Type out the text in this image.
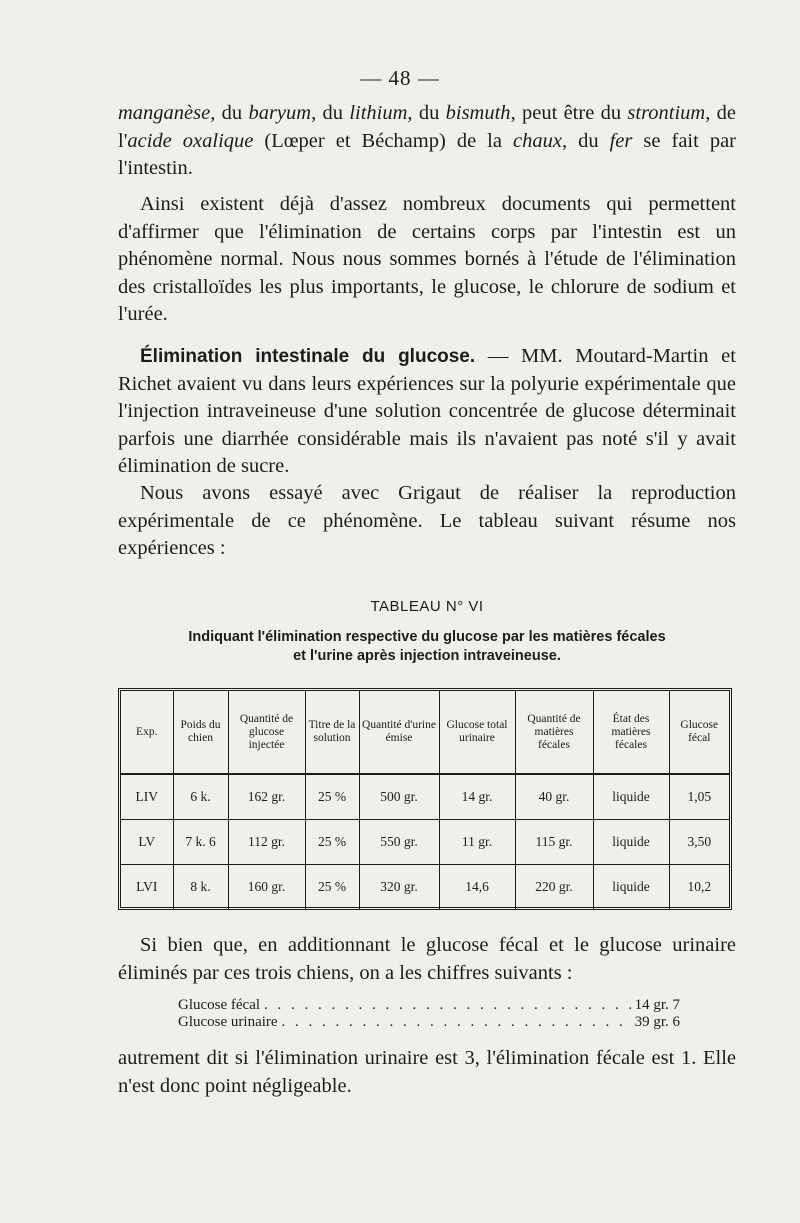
— 48 —
manganèse, du baryum, du lithium, du bismuth, peut être du strontium, de l'acide oxalique (Lœper et Béchamp) de la chaux, du fer se fait par l'intestin.
Ainsi existent déjà d'assez nombreux documents qui permettent d'affirmer que l'élimination de certains corps par l'intestin est un phénomène normal. Nous nous sommes bornés à l'étude de l'élimination des cristalloïdes les plus importants, le glucose, le chlorure de sodium et l'urée.
Élimination intestinale du glucose. — MM. Moutard-Martin et Richet avaient vu dans leurs expériences sur la polyurie expérimentale que l'injection intraveineuse d'une solution concentrée de glucose déterminait parfois une diarrhée considérable mais ils n'avaient pas noté s'il y avait élimination de sucre.
Nous avons essayé avec Grigaut de réaliser la reproduction expérimentale de ce phénomène. Le tableau suivant résume nos expériences :
TABLEAU N° VI
Indiquant l'élimination respective du glucose par les matières fécales
et l'urine après injection intraveineuse.
Exp.	Poids du chien	Quantité de glucose injectée	Titre de la solution	Quantité d'urine émise	Glucose total urinaire	Quantité de matières fécales	État des matières fécales	Glucose fécal
LIV	6 k.	162 gr.	25 %	500 gr.	14 gr.	40 gr.	liquide	1,05
LV	7 k. 6	112 gr.	25 %	550 gr.	11 gr.	115 gr.	liquide	3,50
LVI	8 k.	160 gr.	25 %	320 gr.	14,6	220 gr.	liquide	10,2
Si bien que, en additionnant le glucose fécal et le glucose urinaire éliminés par ces trois chiens, on a les chiffres suivants :
Glucose fécal . . .	14 gr. 7
Glucose urinaire . . .	39 gr. 6
autrement dit si l'élimination urinaire est 3, l'élimination fécale est 1. Elle n'est donc point négligeable.
